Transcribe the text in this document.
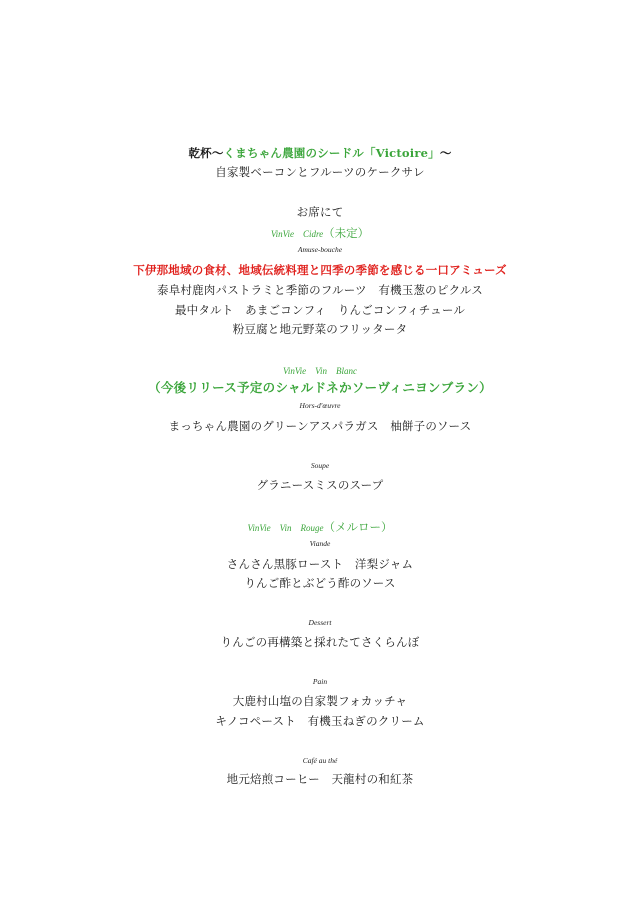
乾杯～くまちゃん農園のシードル「Victoire」～
自家製ベーコンとフルーツのケークサレ
お席にて
VinVie　Cidre（未定）
Amuse-bouche
下伊那地域の食材、地域伝統料理と四季の季節を感じる一口アミューズ
泰阜村鹿肉パストラミと季節のフルーツ　有機玉葱のピクルス
最中タルト　あまごコンフィ　りんごコンフィチュール
粉豆腐と地元野菜のフリッタータ
VinVie　Vin　Blanc
（今後リリース予定のシャルドネかソーヴィニヨンブラン）
Hors-d'œuvre
まっちゃん農園のグリーンアスパラガス　柚餅子のソース
Soupe
グラニースミスのスープ
VinVie　Vin　Rouge（メルロー）
Viande
さんさん黒豚ロースト　洋梨ジャム
りんご酢とぶどう酢のソース
Dessert
りんごの再構築と採れたてさくらんぼ
Pain
大鹿村山塩の自家製フォカッチャ
キノコペースト　有機玉ねぎのクリーム
Café au thé
地元焙煎コーヒー　天龍村の和紅茶
